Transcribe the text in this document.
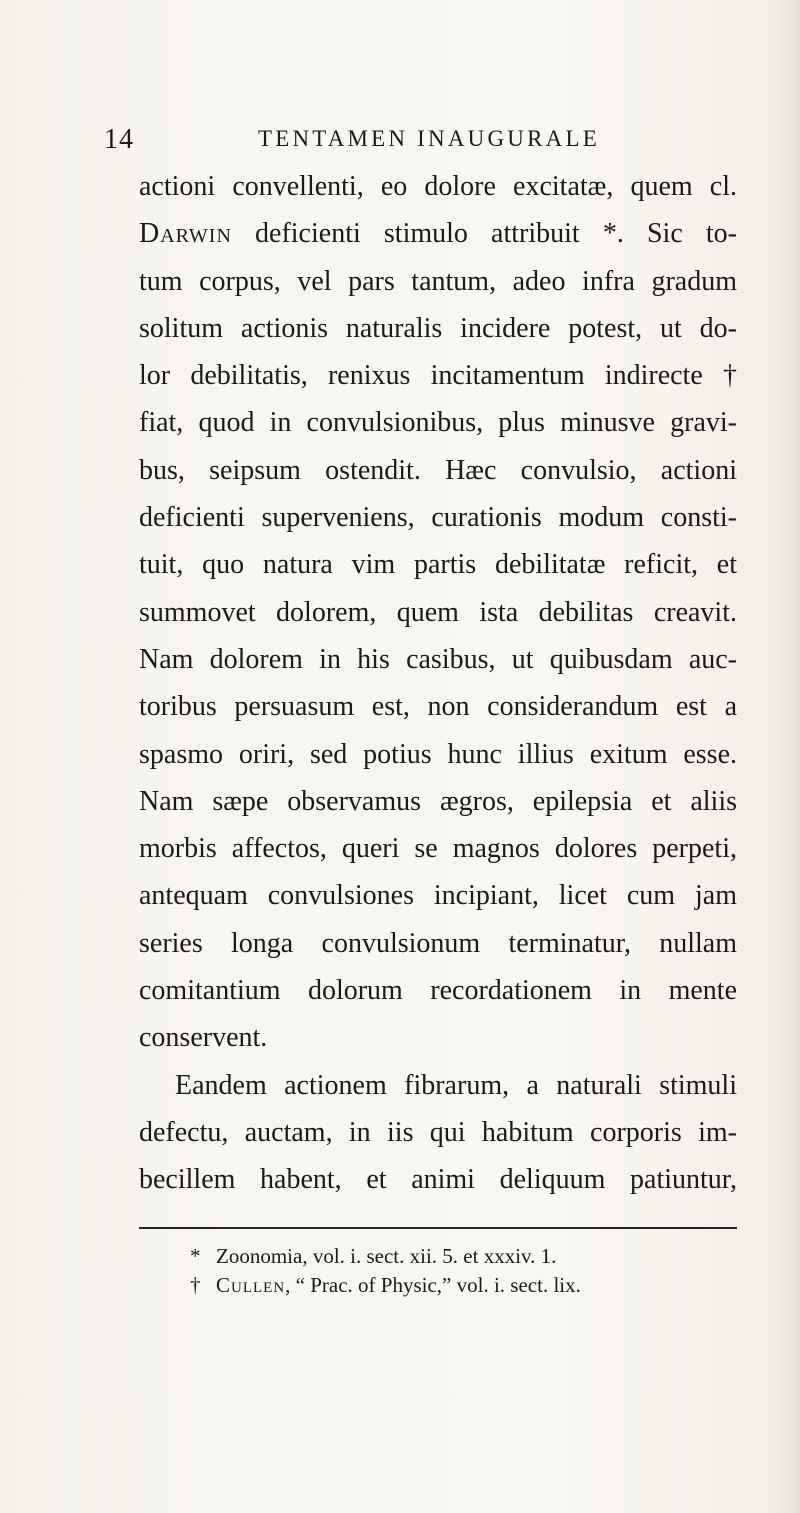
14	TENTAMEN INAUGURALE
actioni convellenti, eo dolore excitatæ, quem cl.
Darwin deficienti stimulo attribuit *. Sic to-
tum corpus, vel pars tantum, adeo infra gradum
solitum actionis naturalis incidere potest, ut do-
lor debilitatis, renixus incitamentum indirecte †
fiat, quod in convulsionibus, plus minusve gravi-
bus, seipsum ostendit. Hæc convulsio, actioni
deficienti superveniens, curationis modum consti-
tuit, quo natura vim partis debilitatæ reficit, et
summovet dolorem, quem ista debilitas creavit.
Nam dolorem in his casibus, ut quibusdam auc-
toribus persuasum est, non considerandum est a
spasmo oriri, sed potius hunc illius exitum esse.
Nam sæpe observamus ægros, epilepsia et aliis
morbis affectos, queri se magnos dolores perpeti,
antequam convulsiones incipiant, licet cum jam
series longa convulsionum terminatur, nullam
comitantium dolorum recordationem in mente
conservent.
Eandem actionem fibrarum, a naturali stimuli
defectu, auctam, in iis qui habitum corporis im-
becillem habent, et animi deliquum patiuntur,
* Zoonomia, vol. i. sect. xii. 5. et xxxiv. 1.
† Cullen, “ Prac. of Physic,” vol. i. sect. lix.
